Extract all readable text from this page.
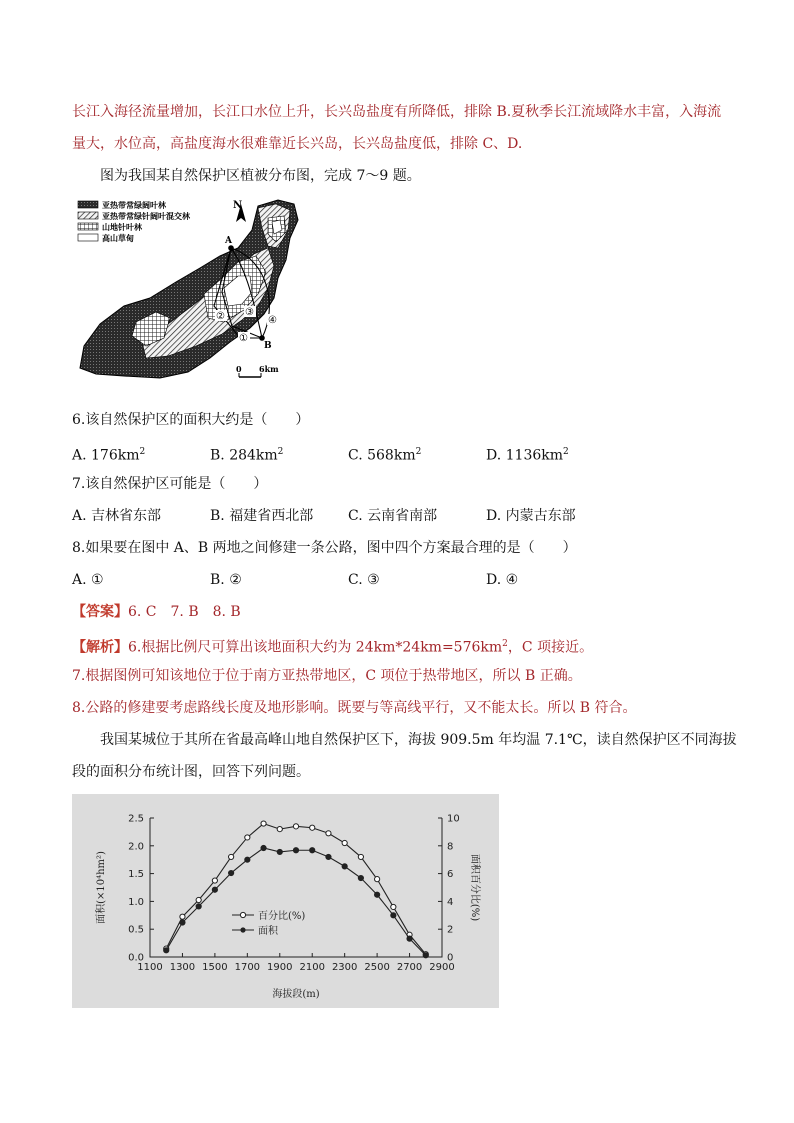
长江入海径流量增加，长江口水位上升，长兴岛盐度有所降低，排除 B.夏秋季长江流域降水丰富，入海流
量大，水位高，高盐度海水很难靠近长兴岛，长兴岛盐度低，排除 C、D.
图为我国某自然保护区植被分布图，完成 7～9 题。
亚热带常绿阔叶林
亚热带常绿针阔叶混交林
山地针叶林
高山草甸
N
A
B
①
② ③
④
0 6km
6.该自然保护区的面积大约是（　　）
A. $176km^2$	B. $284km^2$	C. $568km^2$	D. $1136km^2$
7.该自然保护区可能是（　　）
A. 吉林省东部	B. 福建省西北部 C. 云南省南部	D. 内蒙古东部
8.如果要在图中 A、B 两地之间修建一条公路，图中四个方案最合理的是（　　）
A. ①	B. ②	C. ③	D. ④
【答案】6. C　7. B　8. B
【解析】6.根据比例尺可算出该地面积大约为 $24km*24km=576km^2$，C 项接近。
7.根据图例可知该地位于位于南方亚热带地区，C 项位于热带地区，所以 B 正确。
8.公路的修建要考虑路线长度及地形影响。既要与等高线平行，又不能太长。所以 B 符合。
我国某城位于其所在省最高峰山地自然保护区下，海拔 909.5m 年均温 7.1℃，读自然保护区不同海拔
段的面积分布统计图，回答下列问题。
0.0
0.5
1.0
1.5
2.0
2.5
0
2
4
6
8
10
1100 1300 1500 1700 1900 2100 2300 2500 2700 2900
海拔段(m)
面积(×10⁴hm²)	面积百分比(%)
百分比(%)
面积
